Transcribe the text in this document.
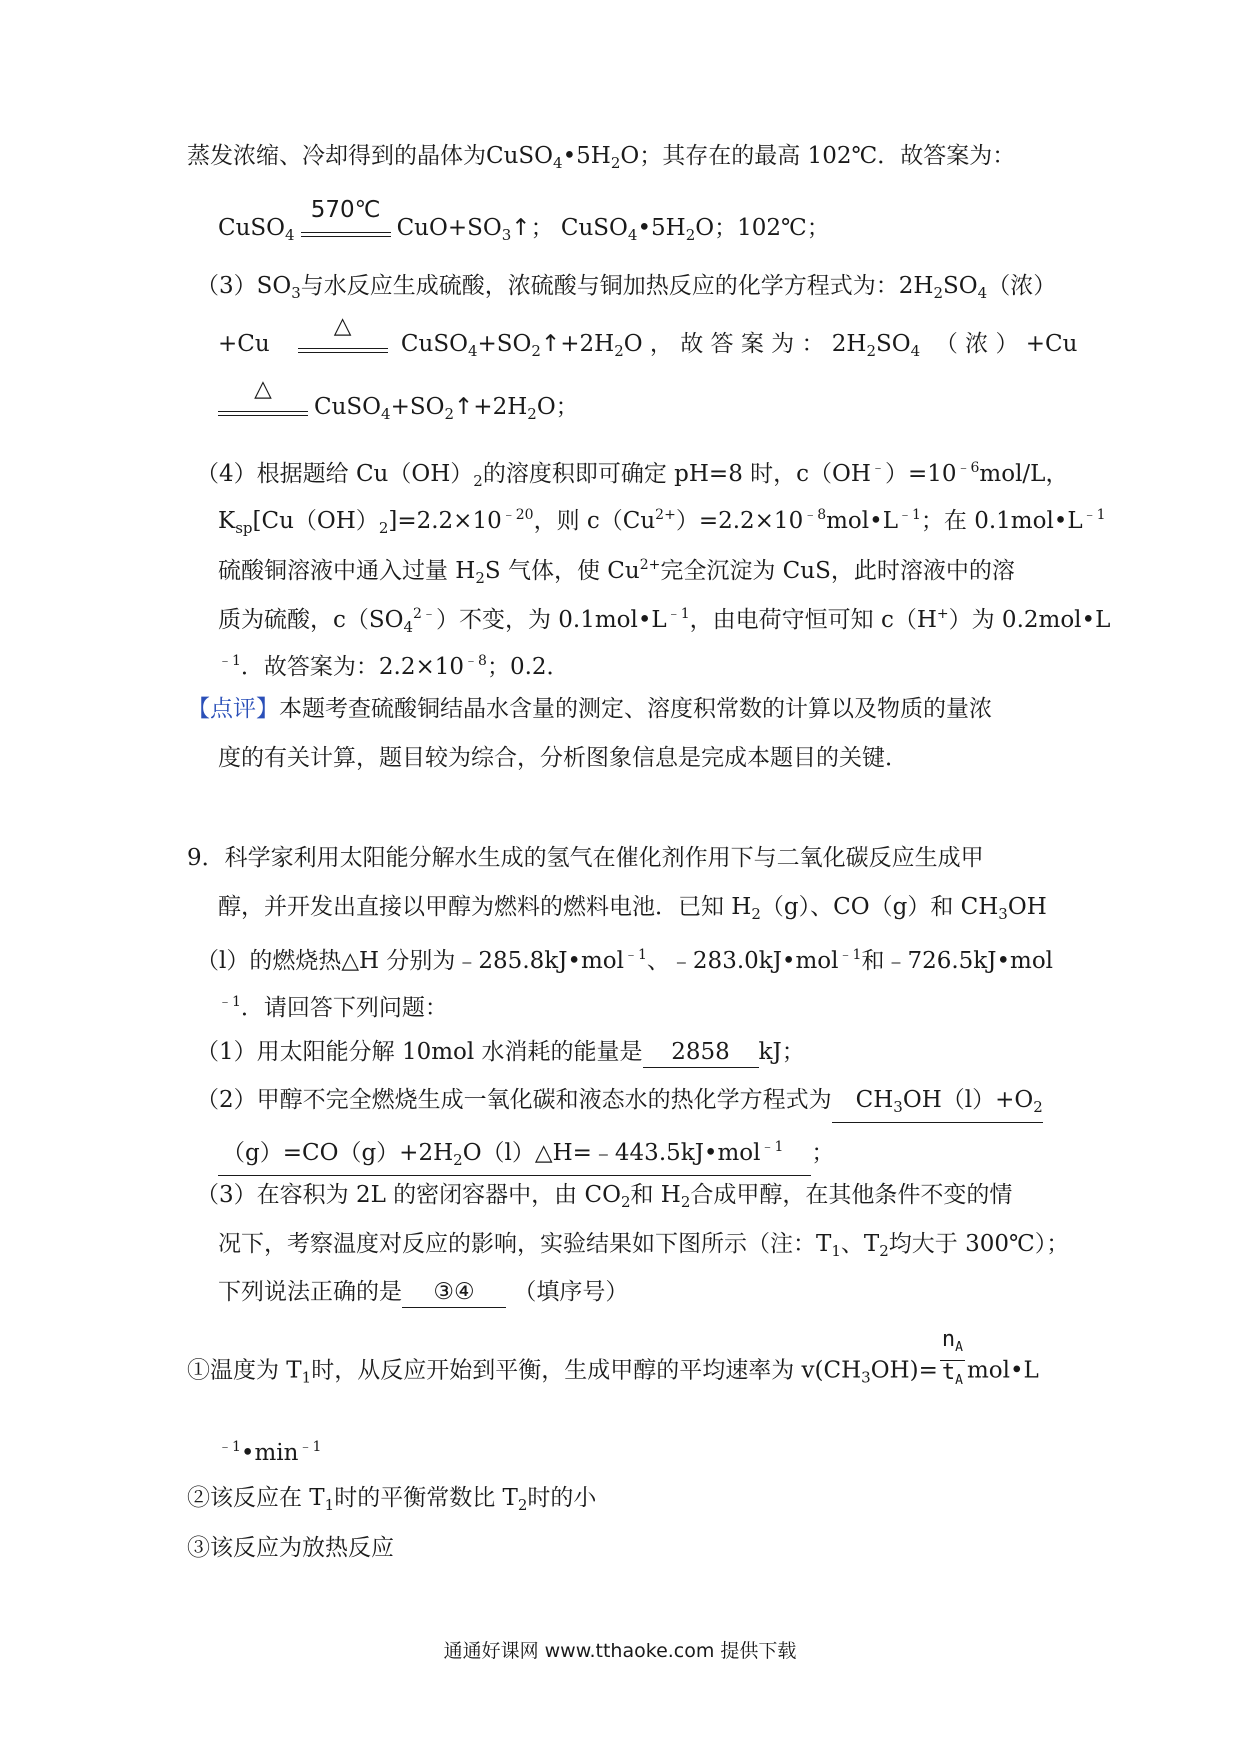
蒸发浓缩、冷却得到的晶体为$CuSO_4•5H_2O$；其存在的最高 102℃．故答案为：
CuSO$_4$
570℃
$CuO+SO_3↑$； $CuSO_4•5H_2O$；102℃；
$(3)SO_3$与水反应生成硫酸，浓硫酸与铜加热反应的化学方程式为：$2H_2SO_4$（浓）
+Cu
△
$CuSO_4+SO_2↑+2H_2O$ ， 故 答 案 为 ： $2H_2SO_4$ （ 浓 ） +Cu
△
$CuSO_4+SO_2↑+2H_2O$；
（4）根据题给 $Cu(OH)_2$的溶度积即可确定 pH=8 时，$c(OH^﹣)=10^{﹣6}mol/L$，
$K_{sp}[Cu(OH)_2]=2.2\times 10^{﹣20}$，则 $c(Cu^{2+})=2.2\times 10^{﹣8}mol•L^{﹣1}$；在 $0.1mol•L^{﹣1}$
硫酸铜溶液中通入过量 $H_2S$ 气体，使 $Cu^{2+}$完全沉淀为 CuS，此时溶液中的溶
质为硫酸，$c(SO_4^{2﹣})$不变，为 $0.1mol•L^{﹣1}$，由电荷守恒可知 c（H+）为 0.2mol•L
$^{﹣1}$．故答案为：$2.2\times 10^{﹣8}$；0.2．
【点评】本题考查硫酸铜结晶水含量的测定、溶度积常数的计算以及物质的量浓
度的有关计算，题目较为综合，分析图象信息是完成本题目的关键．
9．科学家利用太阳能分解水生成的氢气在催化剂作用下与二氧化碳反应生成甲
醇，并开发出直接以甲醇为燃料的燃料电池．已知 $H_2(g)$、CO（g）和 $CH_3OH$
（l）的燃烧热△H 分别为﹣285.8kJ•mol$^{﹣1}$、﹣283.0kJ•mol$^{﹣1}$和﹣726.5kJ•mol
$^{﹣1}$．请回答下列问题：
（1）用太阳能分解 10mol 水消耗的能量是 2858 kJ；
（2）甲醇不完全燃烧生成一氧化碳和液态水的热化学方程式为 $CH_3OH(l)+O_2$
$(g)=CO(g)+2H_2O(l)\triangle H=﹣443.5kJ•mol^{﹣1}$ ；
（3）在容积为 2L 的密闭容器中，由 $CO_2$和 $H_2$合成甲醇，在其他条件不变的情
况下，考察温度对反应的影响，实验结果如下图所示（注：$T_1$、$T_2$均大于 300℃）；
下列说法正确的是 ③④ （填序号）
①温度为 $T_1$时，从反应开始到平衡，生成甲醇的平均速率为 $v(CH_3OH)= \frac{n_A}{t_A}$ mol•L
$^{﹣1}•\min^{﹣1}$
②该反应在 $T_1$时的平衡常数比 $T_2$时的小
③该反应为放热反应
通通好课网 www.tthaoke.com 提供下载
